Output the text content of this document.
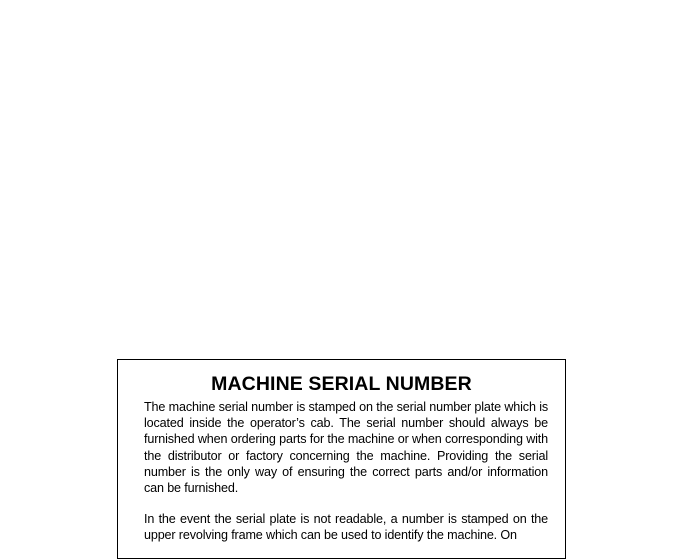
MACHINE SERIAL NUMBER

The machine serial number is stamped on the serial number plate which is located inside the operator’s cab. The serial number should always be furnished when ordering parts for the machine or when corresponding with the distributor or factory concerning the machine. Providing the serial number is the only way of ensuring the correct parts and/or information can be furnished.

In the event the serial plate is not readable, a number is stamped on the upper revolving frame which can be used to identify the machine. On
